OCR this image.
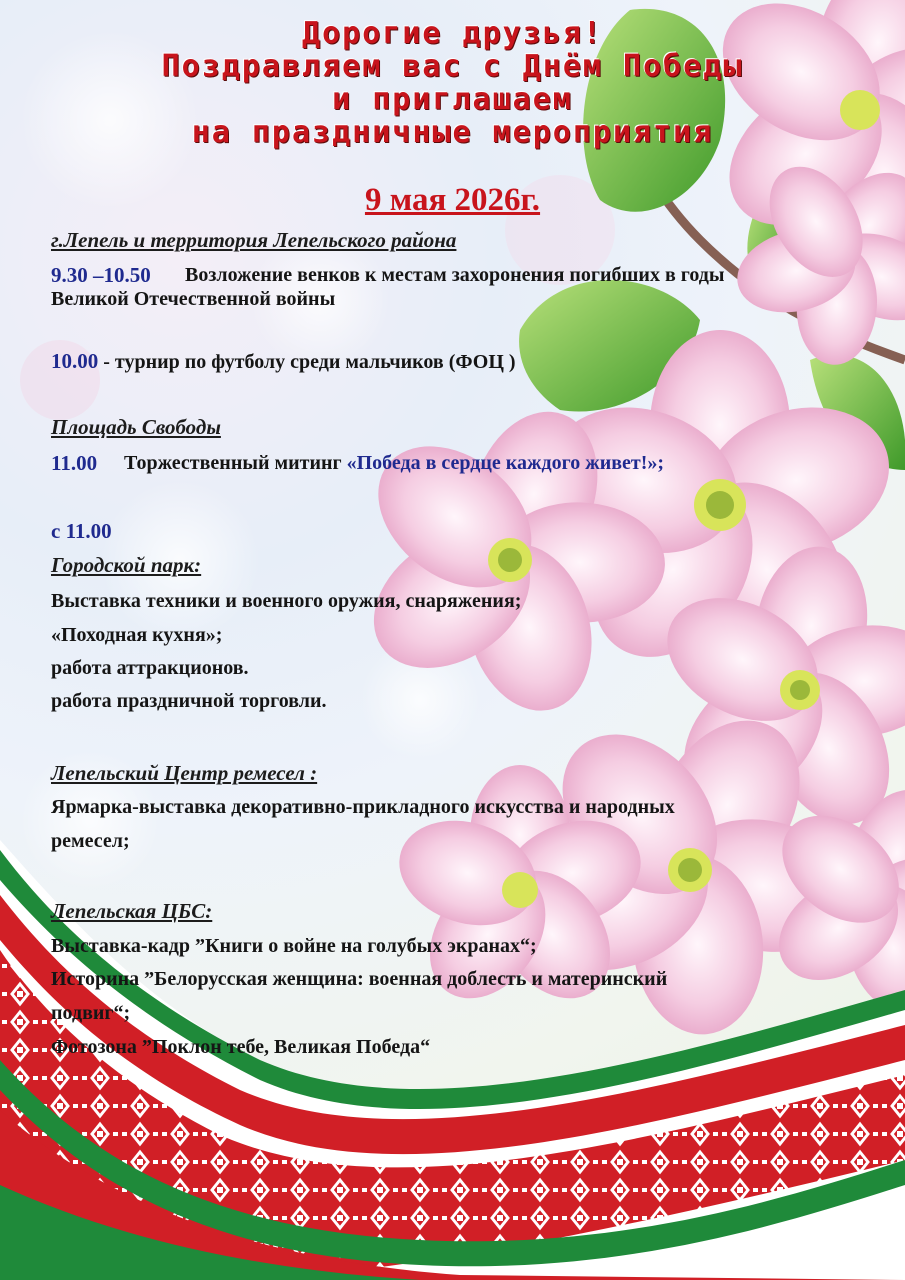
Дорогие друзья!
Поздравляем вас с Днём Победы
и приглашаем
на праздничные мероприятия
9 мая 2026г.
г.Лепель и территория Лепельского района
9.30 –10.50 Возложение венков к местам захоронения погибших в годы
Великой Отечественной войны
10.00 - турнир по футболу среди мальчиков (ФОЦ )
Площадь Свободы
11.00 Торжественный митинг «Победа в сердце каждого живет!»;
с 11.00
Городской парк:
Выставка техники и военного оружия, снаряжения;
«Походная кухня»;
работа аттракционов.
работа праздничной торговли.
Лепельский Центр ремесел :
Ярмарка-выставка декоративно-прикладного искусства и народных
ремесел;
Лепельская ЦБС:
Выставка-кадр ”Книги о войне на голубых экранах“;
Историна ”Белорусская женщина: военная доблесть и материнский
подвиг“;
Фотозона ”Поклон тебе, Великая Победа“
